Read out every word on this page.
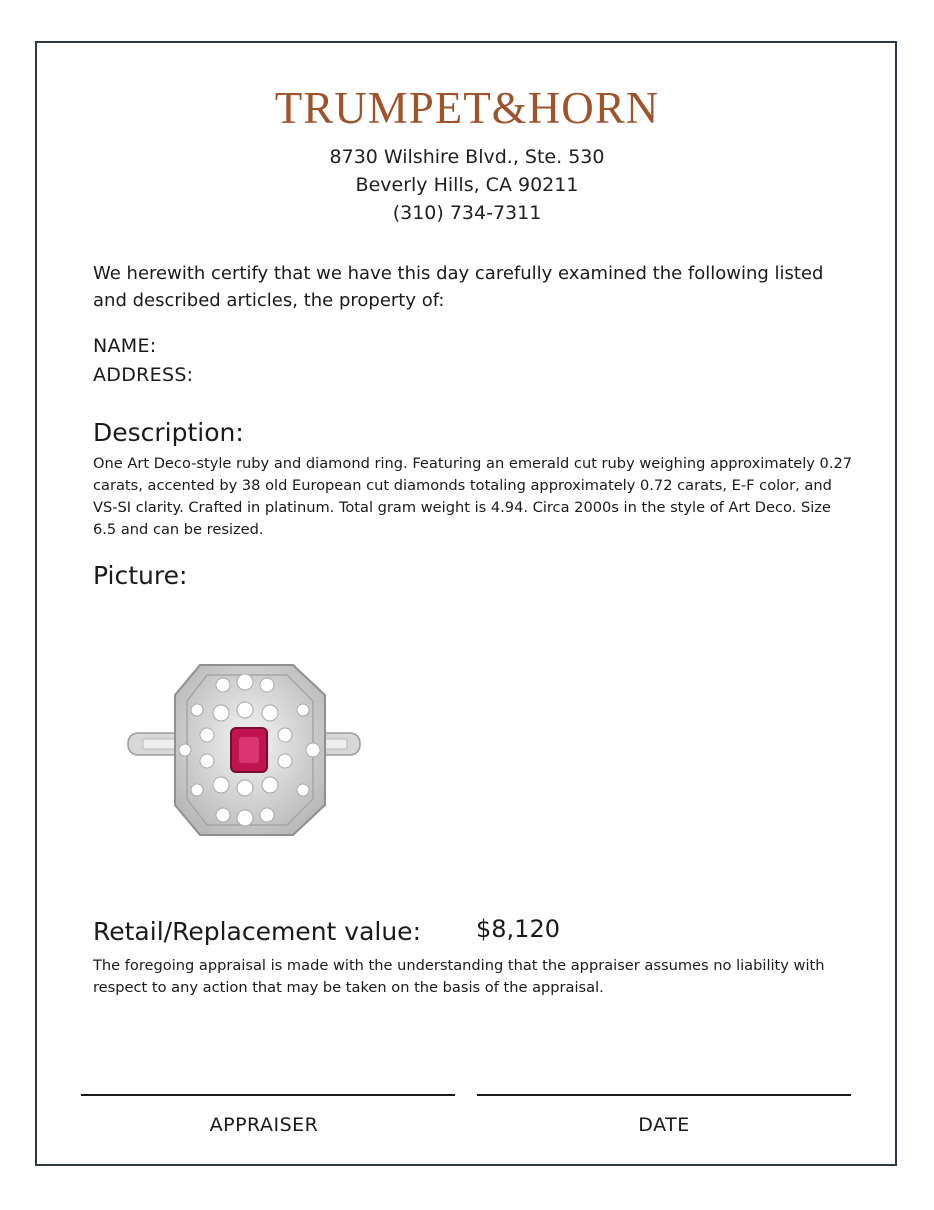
TRUMPET&HORN
8730 Wilshire Blvd., Ste. 530
Beverly Hills, CA 90211
(310) 734-7311
We herewith certify that we have this day carefully examined the following listed and described articles, the property of:
NAME:
ADDRESS:
Description:
One Art Deco-style ruby and diamond ring. Featuring an emerald cut ruby weighing approximately 0.27 carats, accented by 38 old European cut diamonds totaling approximately 0.72 carats, E-F color, and VS-SI clarity. Crafted in platinum. Total gram weight is 4.94. Circa 2000s in the style of Art Deco. Size 6.5 and can be resized.
Picture:
Retail/Replacement value: $8,120
The foregoing appraisal is made with the understanding that the appraiser assumes no liability with respect to any action that may be taken on the basis of the appraisal.
APPRAISER	DATE
